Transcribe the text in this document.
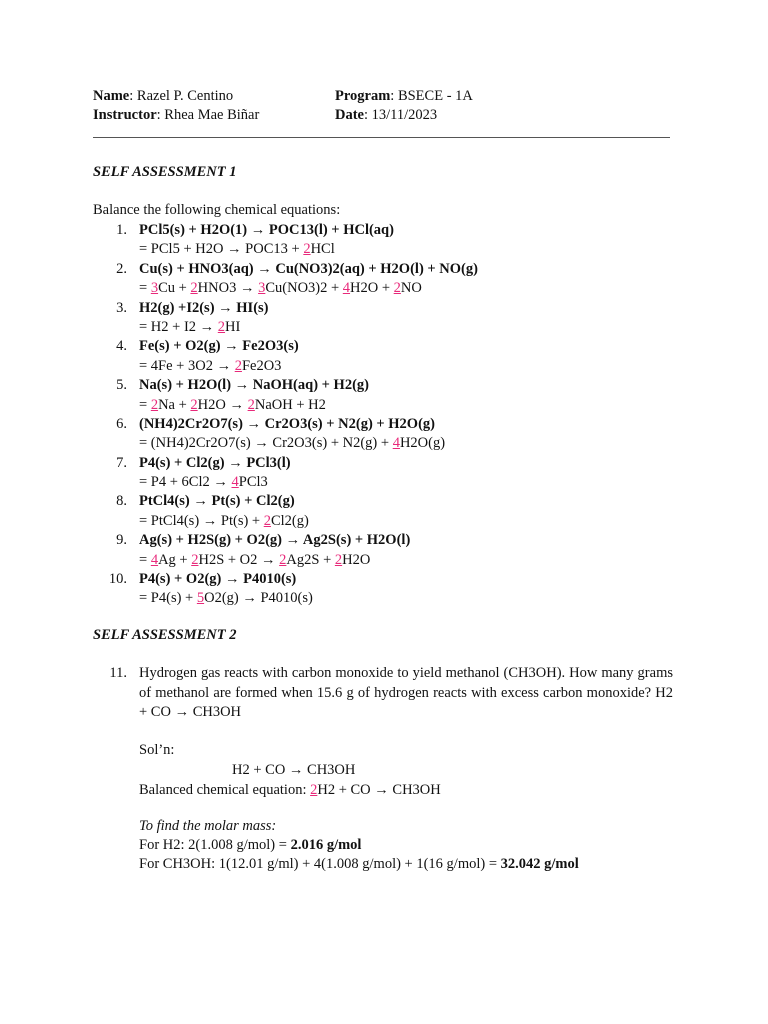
Name: Razel P. Centino	Program: BSECE - 1A
Instructor: Rhea Mae Biñar	Date: 13/11/2023
SELF ASSESSMENT 1
Balance the following chemical equations:
1. PCl5(s) + H2O(1) → POC13(l) + HCl(aq)
= PCl5 + H2O → POC13 + 2HCl
2. Cu(s) + HNO3(aq) → Cu(NO3)2(aq) + H2O(l) + NO(g)
= 3Cu + 2HNO3 → 3Cu(NO3)2 + 4H2O + 2NO
3. H2(g) +I2(s) → HI(s)
= H2 + I2 → 2HI
4. Fe(s) + O2(g) → Fe2O3(s)
= 4Fe + 3O2 → 2Fe2O3
5. Na(s) + H2O(l) → NaOH(aq) + H2(g)
= 2Na + 2H2O → 2NaOH + H2
6. (NH4)2Cr2O7(s) → Cr2O3(s) + N2(g) + H2O(g)
= (NH4)2Cr2O7(s) → Cr2O3(s) + N2(g) + 4H2O(g)
7. P4(s) + Cl2(g) → PCl3(l)
= P4 + 6Cl2 → 4PCl3
8. PtCl4(s) → Pt(s) + Cl2(g)
= PtCl4(s) → Pt(s) + 2Cl2(g)
9. Ag(s) + H2S(g) + O2(g) → Ag2S(s) + H2O(l)
= 4Ag + 2H2S + O2 → 2Ag2S + 2H2O
10. P4(s) + O2(g) → P4010(s)
= P4(s) + 5O2(g) → P4010(s)
SELF ASSESSMENT 2
11. Hydrogen gas reacts with carbon monoxide to yield methanol (CH3OH). How many grams of methanol are formed when 15.6 g of hydrogen reacts with excess carbon monoxide? H2 + CO → CH3OH
Sol’n:
H2 + CO → CH3OH
Balanced chemical equation: 2H2 + CO → CH3OH
To find the molar mass:
For H2: 2(1.008 g/mol) = 2.016 g/mol
For CH3OH: 1(12.01 g/ml) + 4(1.008 g/mol) + 1(16 g/mol) = 32.042 g/mol
